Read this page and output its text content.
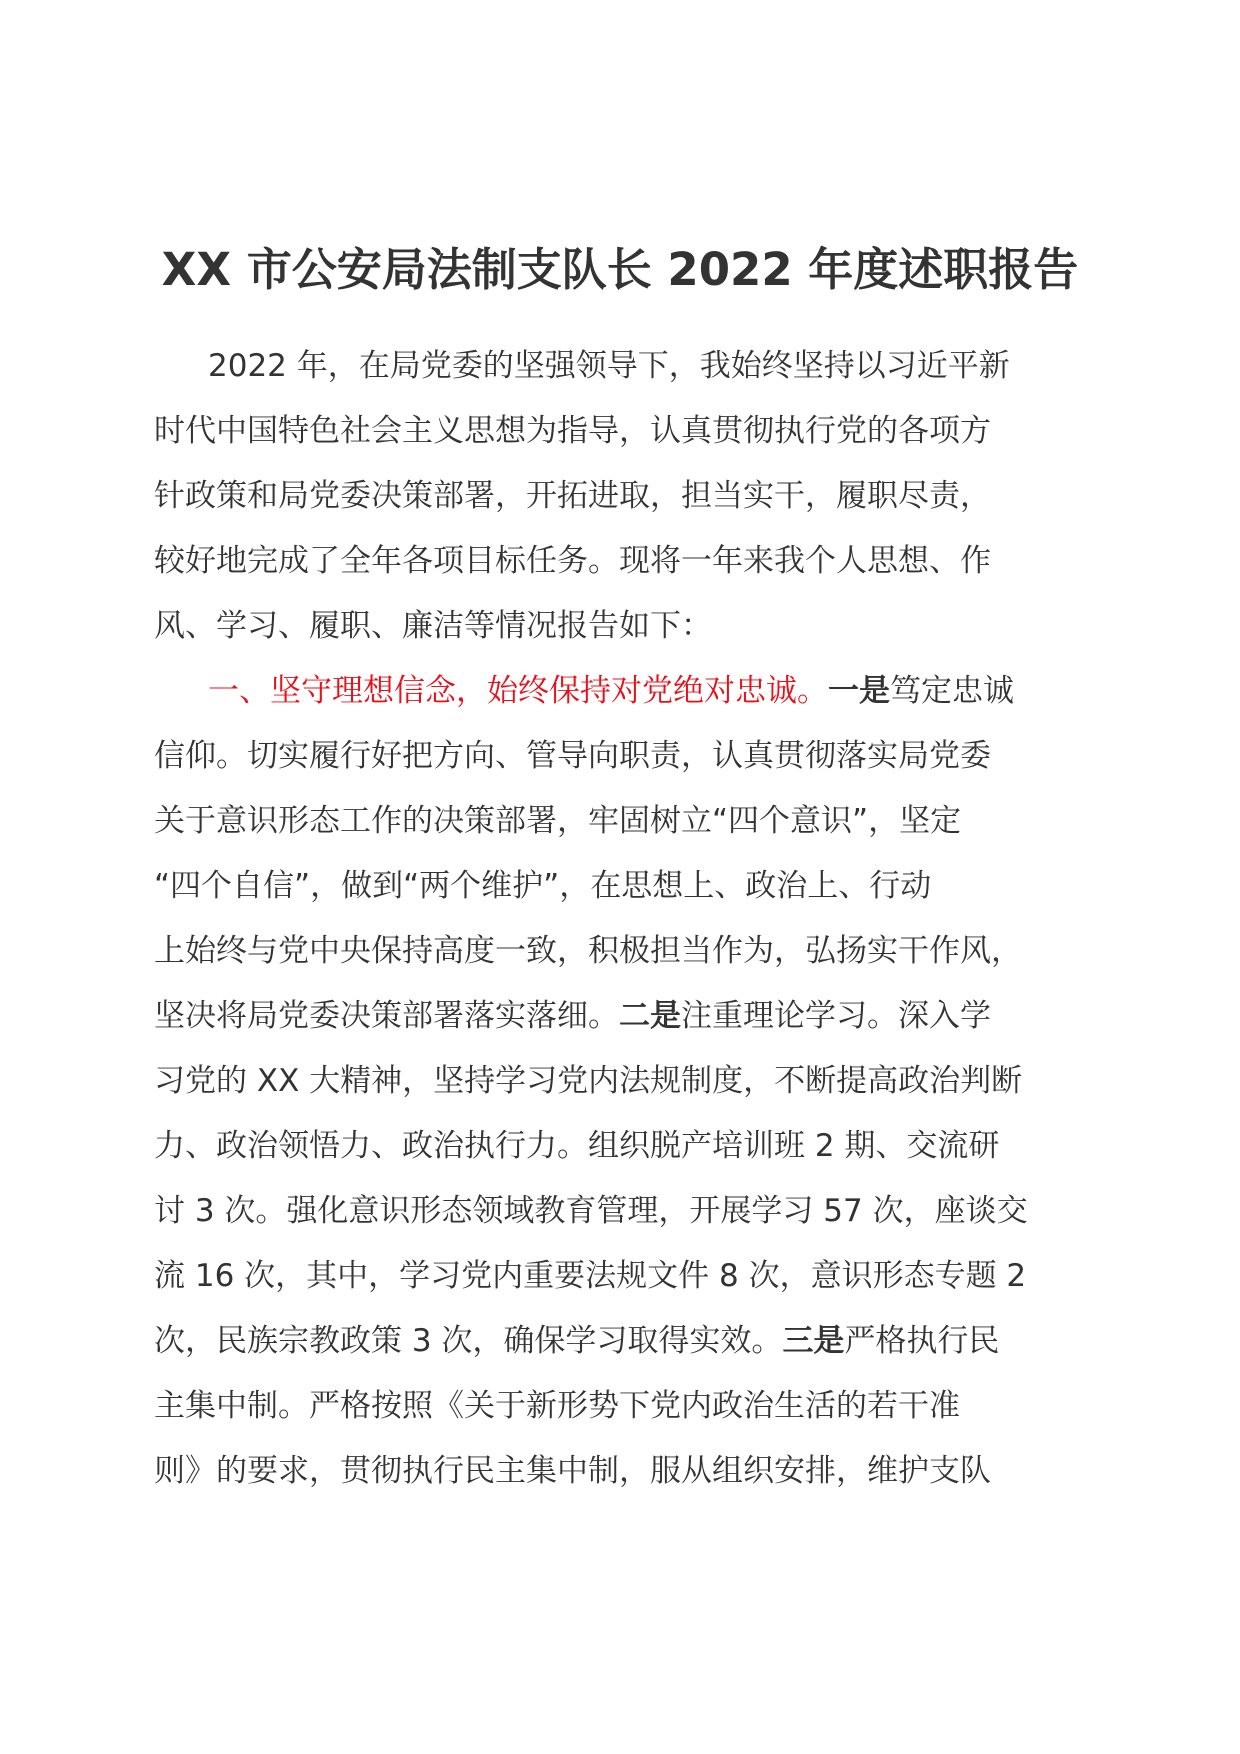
XX 市公安局法制支队长 2022 年度述职报告
2022 年，在局党委的坚强领导下，我始终坚持以习近平新
时代中国特色社会主义思想为指导，认真贯彻执行党的各项方
针政策和局党委决策部署，开拓进取，担当实干，履职尽责，
较好地完成了全年各项目标任务。现将一年来我个人思想、作
风、学习、履职、廉洁等情况报告如下：
一、坚守理想信念，始终保持对党绝对忠诚。一是笃定忠诚
信仰。切实履行好把方向、管导向职责，认真贯彻落实局党委
关于意识形态工作的决策部署，牢固树立“四个意识”，坚定
“四个自信”，做到“两个维护”，在思想上、政治上、行动
上始终与党中央保持高度一致，积极担当作为，弘扬实干作风，
坚决将局党委决策部署落实落细。二是注重理论学习。深入学
习党的 XX 大精神，坚持学习党内法规制度，不断提高政治判断
力、政治领悟力、政治执行力。组织脱产培训班 2 期、交流研
讨 3 次。强化意识形态领域教育管理，开展学习 57 次，座谈交
流 16 次，其中，学习党内重要法规文件 8 次，意识形态专题 2
次，民族宗教政策 3 次，确保学习取得实效。三是严格执行民
主集中制。严格按照《关于新形势下党内政治生活的若干准
则》的要求，贯彻执行民主集中制，服从组织安排，维护支队
